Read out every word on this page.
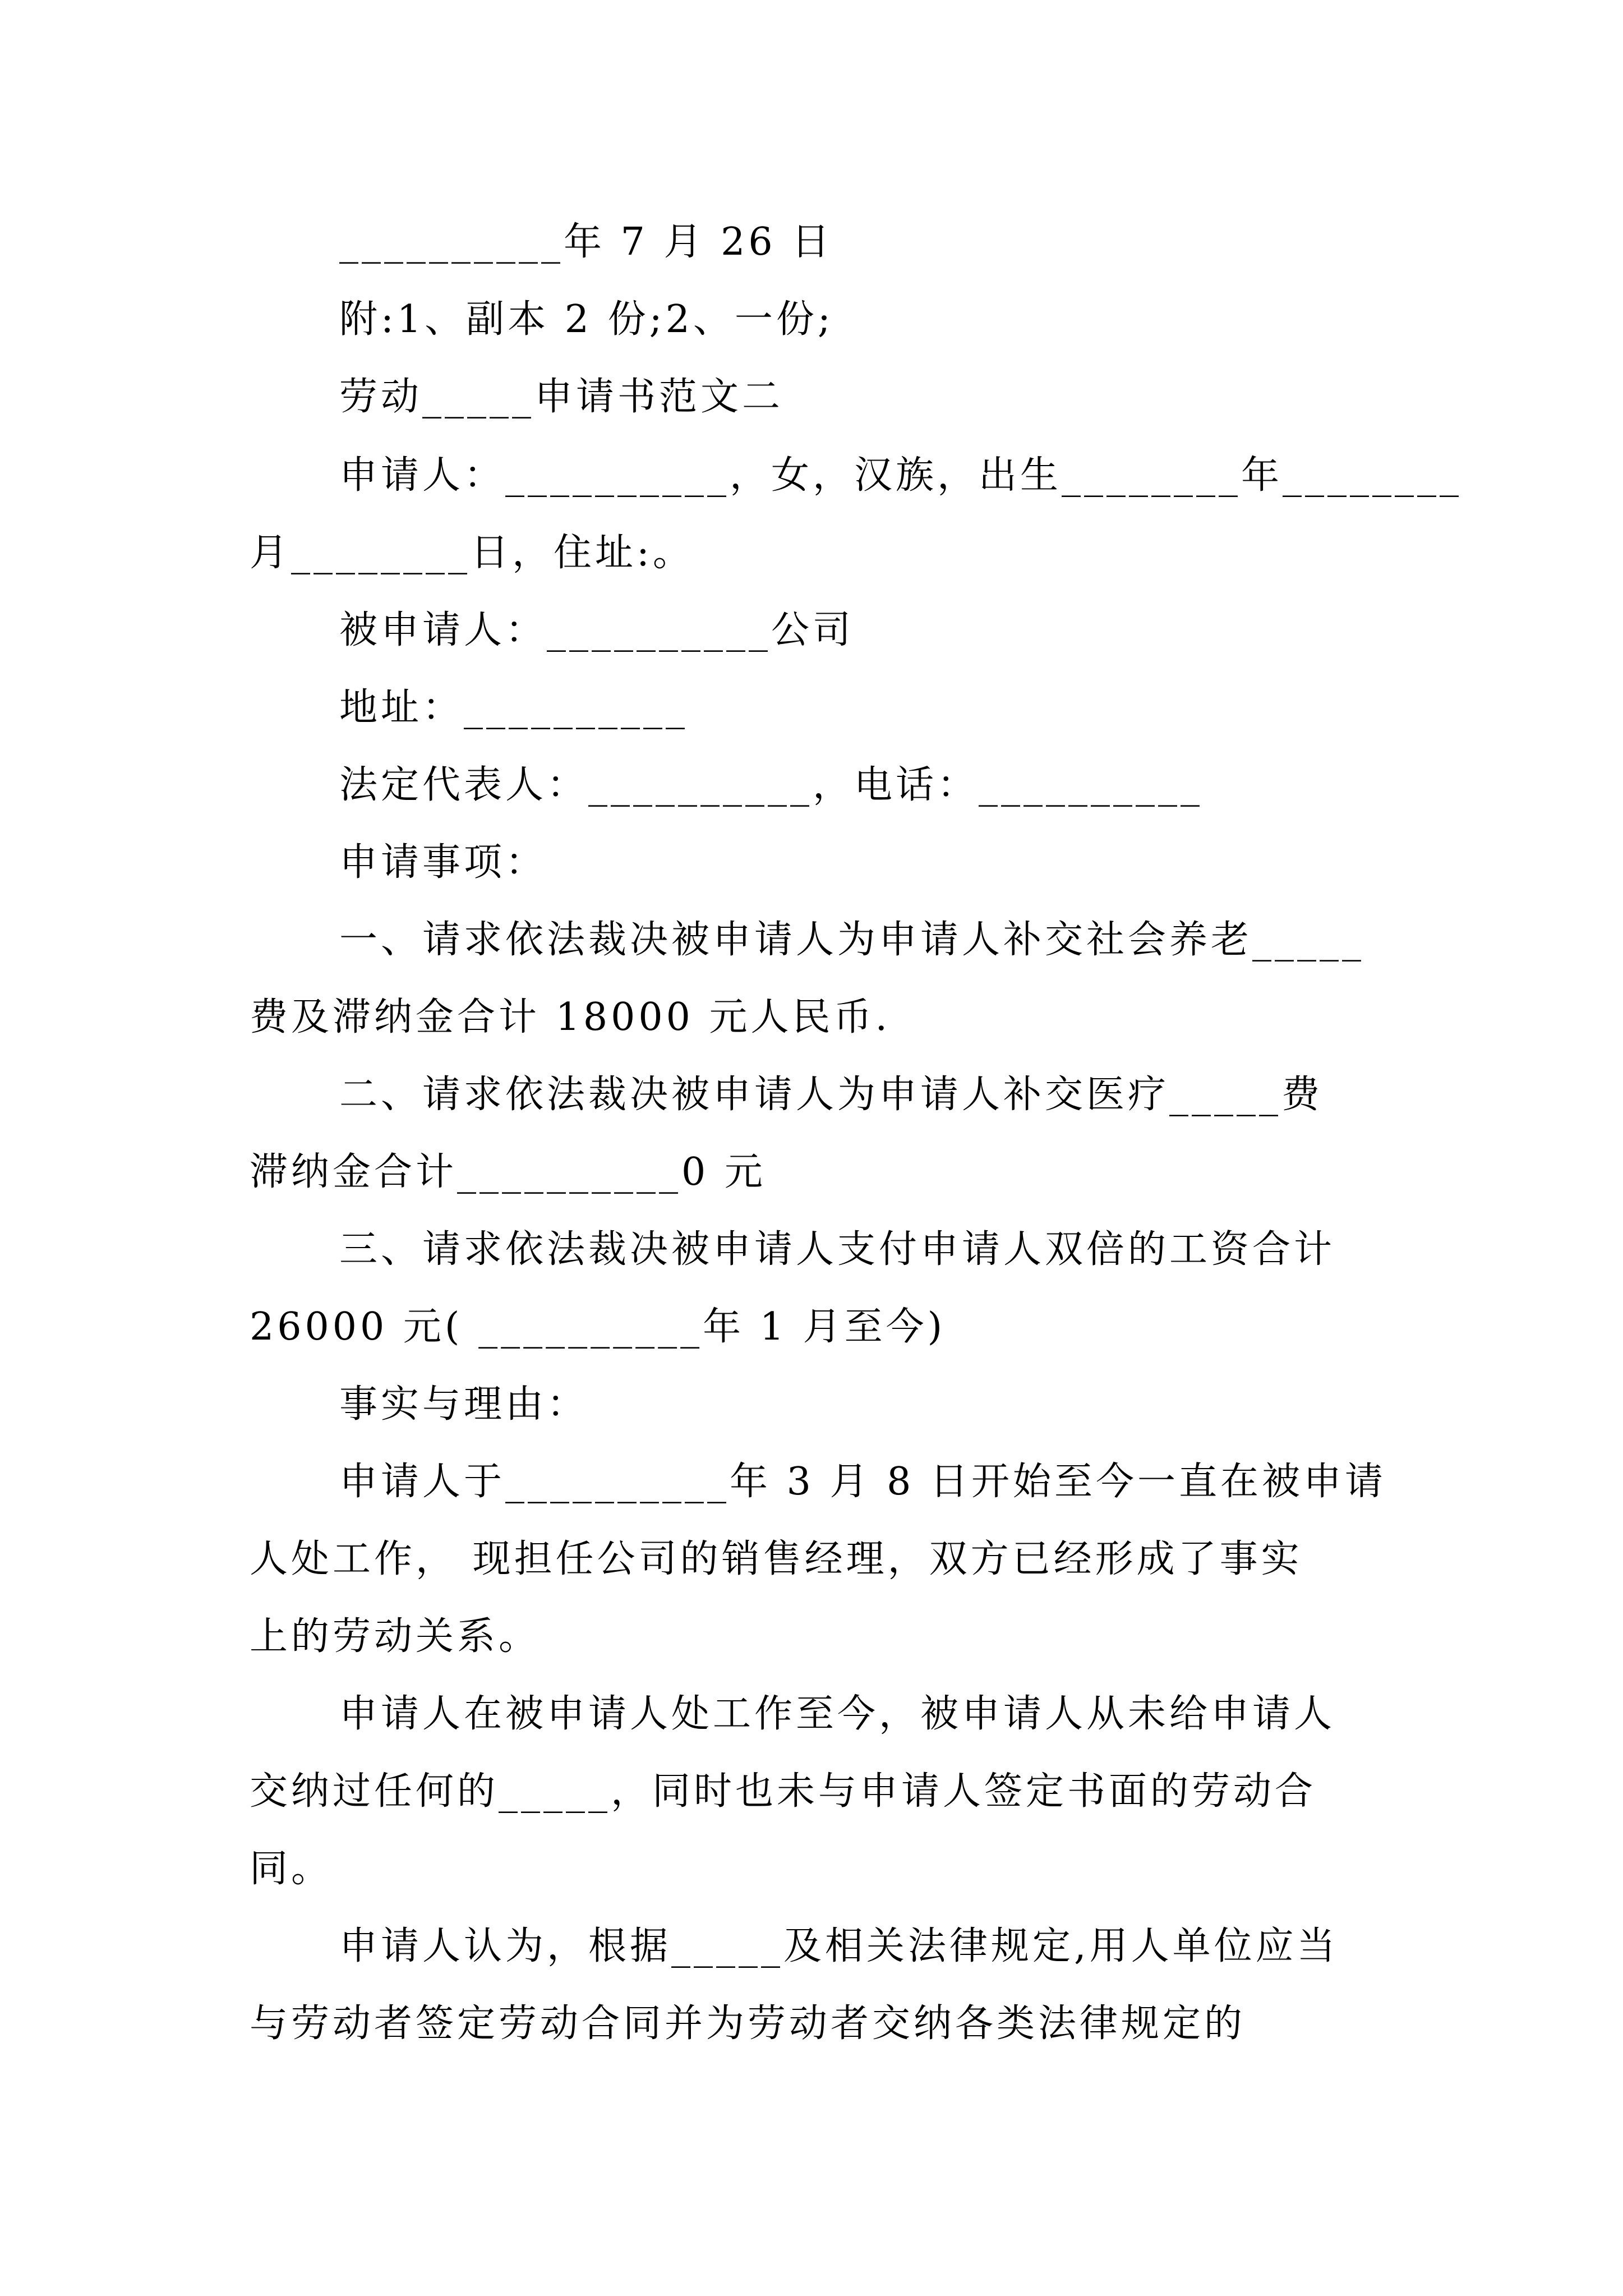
__________年 7 月 26 日
附:1、副本 2 份;2、一份;
劳动_____申请书范文二
申请人：__________，女，汉族，出生________年________
月________日，住址:。
被申请人：__________公司
地址：__________
法定代表人：__________，电话：__________
申请事项：
一、请求依法裁决被申请人为申请人补交社会养老_____
费及滞纳金合计 18000 元人民币.
二、请求依法裁决被申请人为申请人补交医疗_____费
滞纳金合计__________0 元
三、请求依法裁决被申请人支付申请人双倍的工资合计
26000 元( __________年 1 月至今)
事实与理由：
申请人于__________年 3 月 8 日开始至今一直在被申请
人处工作， 现担任公司的销售经理，双方已经形成了事实
上的劳动关系。
申请人在被申请人处工作至今，被申请人从未给申请人
交纳过任何的_____，同时也未与申请人签定书面的劳动合
同。
申请人认为，根据_____及相关法律规定,用人单位应当
与劳动者签定劳动合同并为劳动者交纳各类法律规定的
